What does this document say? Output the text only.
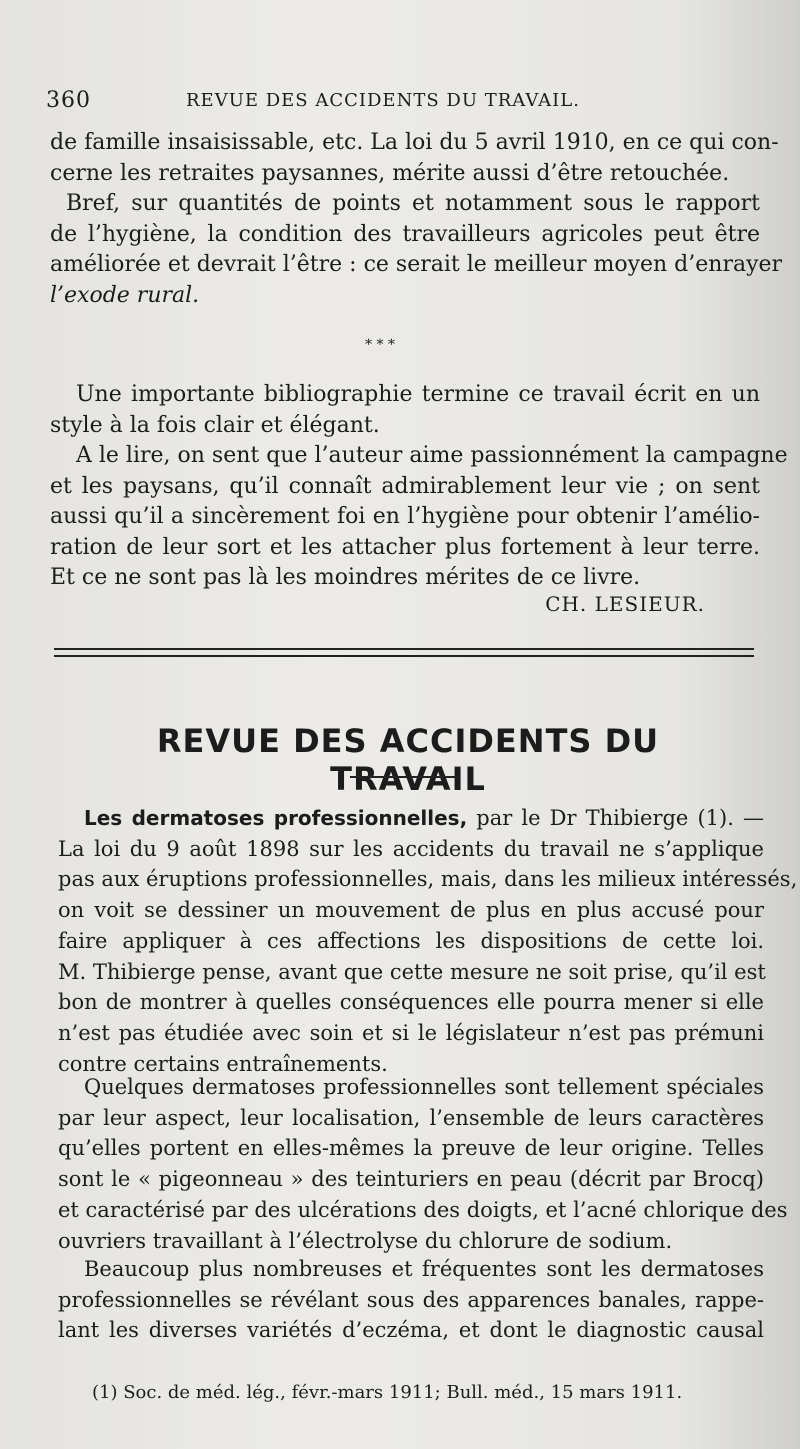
360	REVUE DES ACCIDENTS DU TRAVAIL.
de famille insaisissable, etc. La loi du 5 avril 1910, en ce qui con-
cerne les retraites paysannes, mérite aussi d’être retouchée.
Bref, sur quantités de points et notamment sous le rapport
de l’hygiène, la condition des travailleurs agricoles peut être
améliorée et devrait l’être : ce serait le meilleur moyen d’enrayer
l’exode rural.
* * *
Une importante bibliographie termine ce travail écrit en un
style à la fois clair et élégant.
A le lire, on sent que l’auteur aime passionnément la campagne
et les paysans, qu’il connaît admirablement leur vie ; on sent
aussi qu’il a sincèrement foi en l’hygiène pour obtenir l’amélio-
ration de leur sort et les attacher plus fortement à leur terre.
Et ce ne sont pas là les moindres mérites de ce livre.
CH. LESIEUR.
REVUE DES ACCIDENTS DU TRAVAIL
Les dermatoses professionnelles, par le Dr Thibierge (1). —
La loi du 9 août 1898 sur les accidents du travail ne s’applique
pas aux éruptions professionnelles, mais, dans les milieux intéressés,
on voit se dessiner un mouvement de plus en plus accusé pour
faire appliquer à ces affections les dispositions de cette loi.
M. Thibierge pense, avant que cette mesure ne soit prise, qu’il est
bon de montrer à quelles conséquences elle pourra mener si elle
n’est pas étudiée avec soin et si le législateur n’est pas prémuni
contre certains entraînements.
Quelques dermatoses professionnelles sont tellement spéciales
par leur aspect, leur localisation, l’ensemble de leurs caractères
qu’elles portent en elles-mêmes la preuve de leur origine. Telles
sont le « pigeonneau » des teinturiers en peau (décrit par Brocq)
et caractérisé par des ulcérations des doigts, et l’acné chlorique des
ouvriers travaillant à l’électrolyse du chlorure de sodium.
Beaucoup plus nombreuses et fréquentes sont les dermatoses
professionnelles se révélant sous des apparences banales, rappe-
lant les diverses variétés d’eczéma, et dont le diagnostic causal
(1) Soc. de méd. lég., févr.-mars 1911; Bull. méd., 15 mars 1911.
